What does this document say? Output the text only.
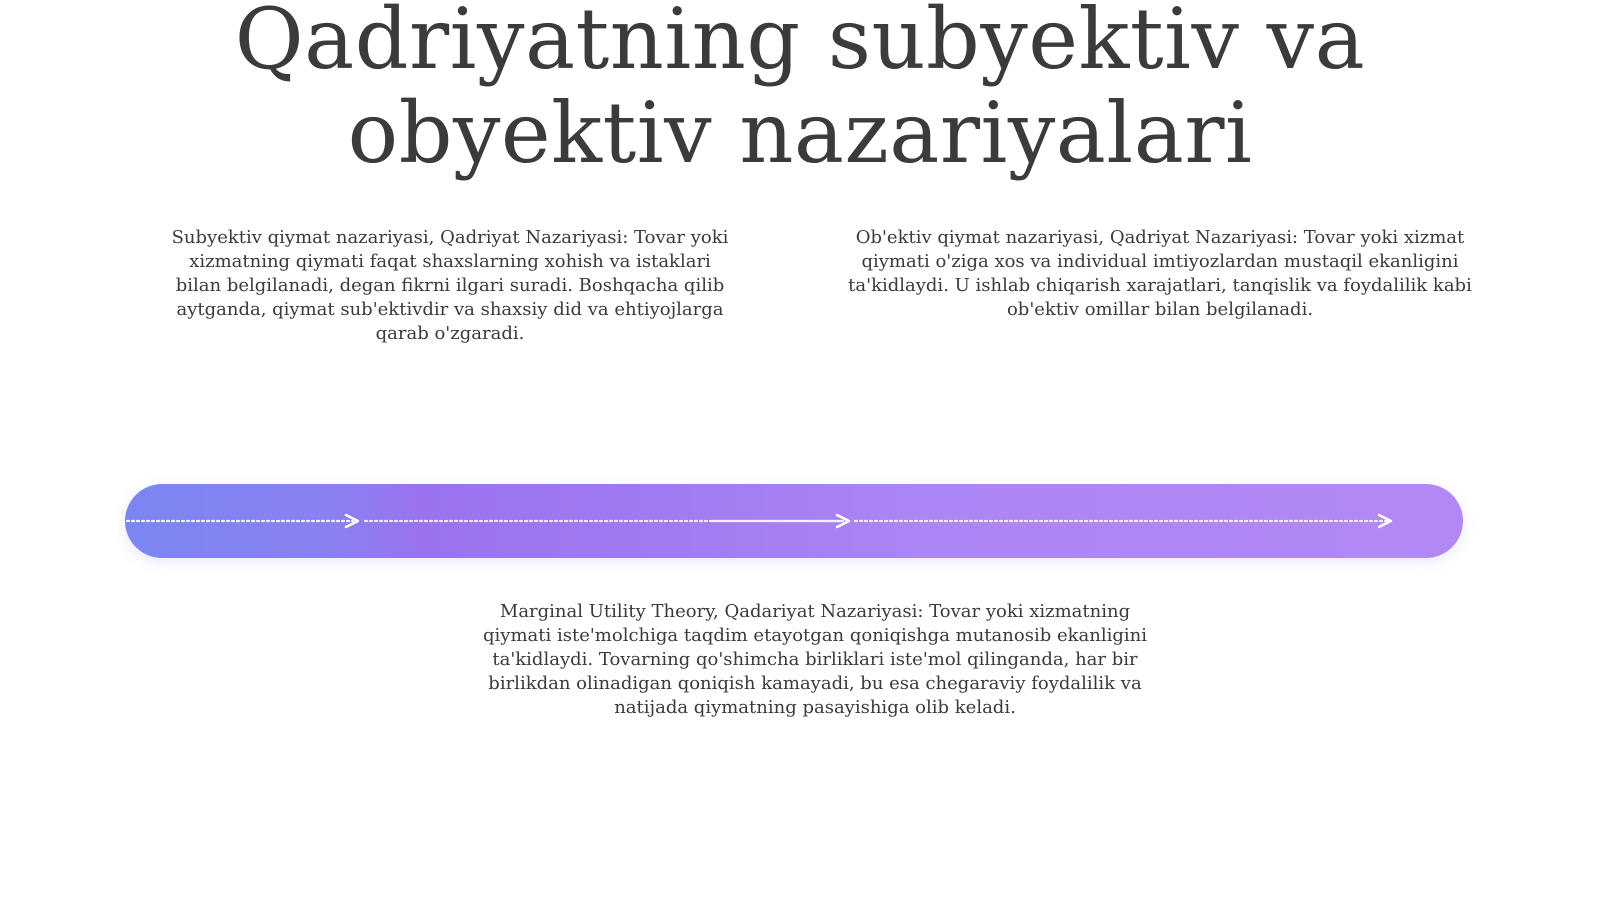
Qadriyatning subyektiv va
obyektiv nazariyalari

Subyektiv qiymat nazariyasi, Qadriyat Nazariyasi: Tovar yoki xizmatning qiymati faqat shaxslarning xohish va istaklari bilan belgilanadi, degan fikrni ilgari suradi. Boshqacha qilib aytganda, qiymat sub'ektivdir va shaxsiy did va ehtiyojlarga qarab o'zgaradi.

Ob'ektiv qiymat nazariyasi, Qadriyat Nazariyasi: Tovar yoki xizmat qiymati o'ziga xos va individual imtiyozlardan mustaqil ekanligini ta'kidlaydi. U ishlab chiqarish xarajatlari, tanqislik va foydalilik kabi ob'ektiv omillar bilan belgilanadi.

Marginal Utility Theory, Qadariyat Nazariyasi: Tovar yoki xizmatning qiymati iste'molchiga taqdim etayotgan qoniqishga mutanosib ekanligini ta'kidlaydi. Tovarning qo'shimcha birliklari iste'mol qilinganda, har bir birlikdan olinadigan qoniqish kamayadi, bu esa chegaraviy foydalilik va natijada qiymatning pasayishiga olib keladi.
